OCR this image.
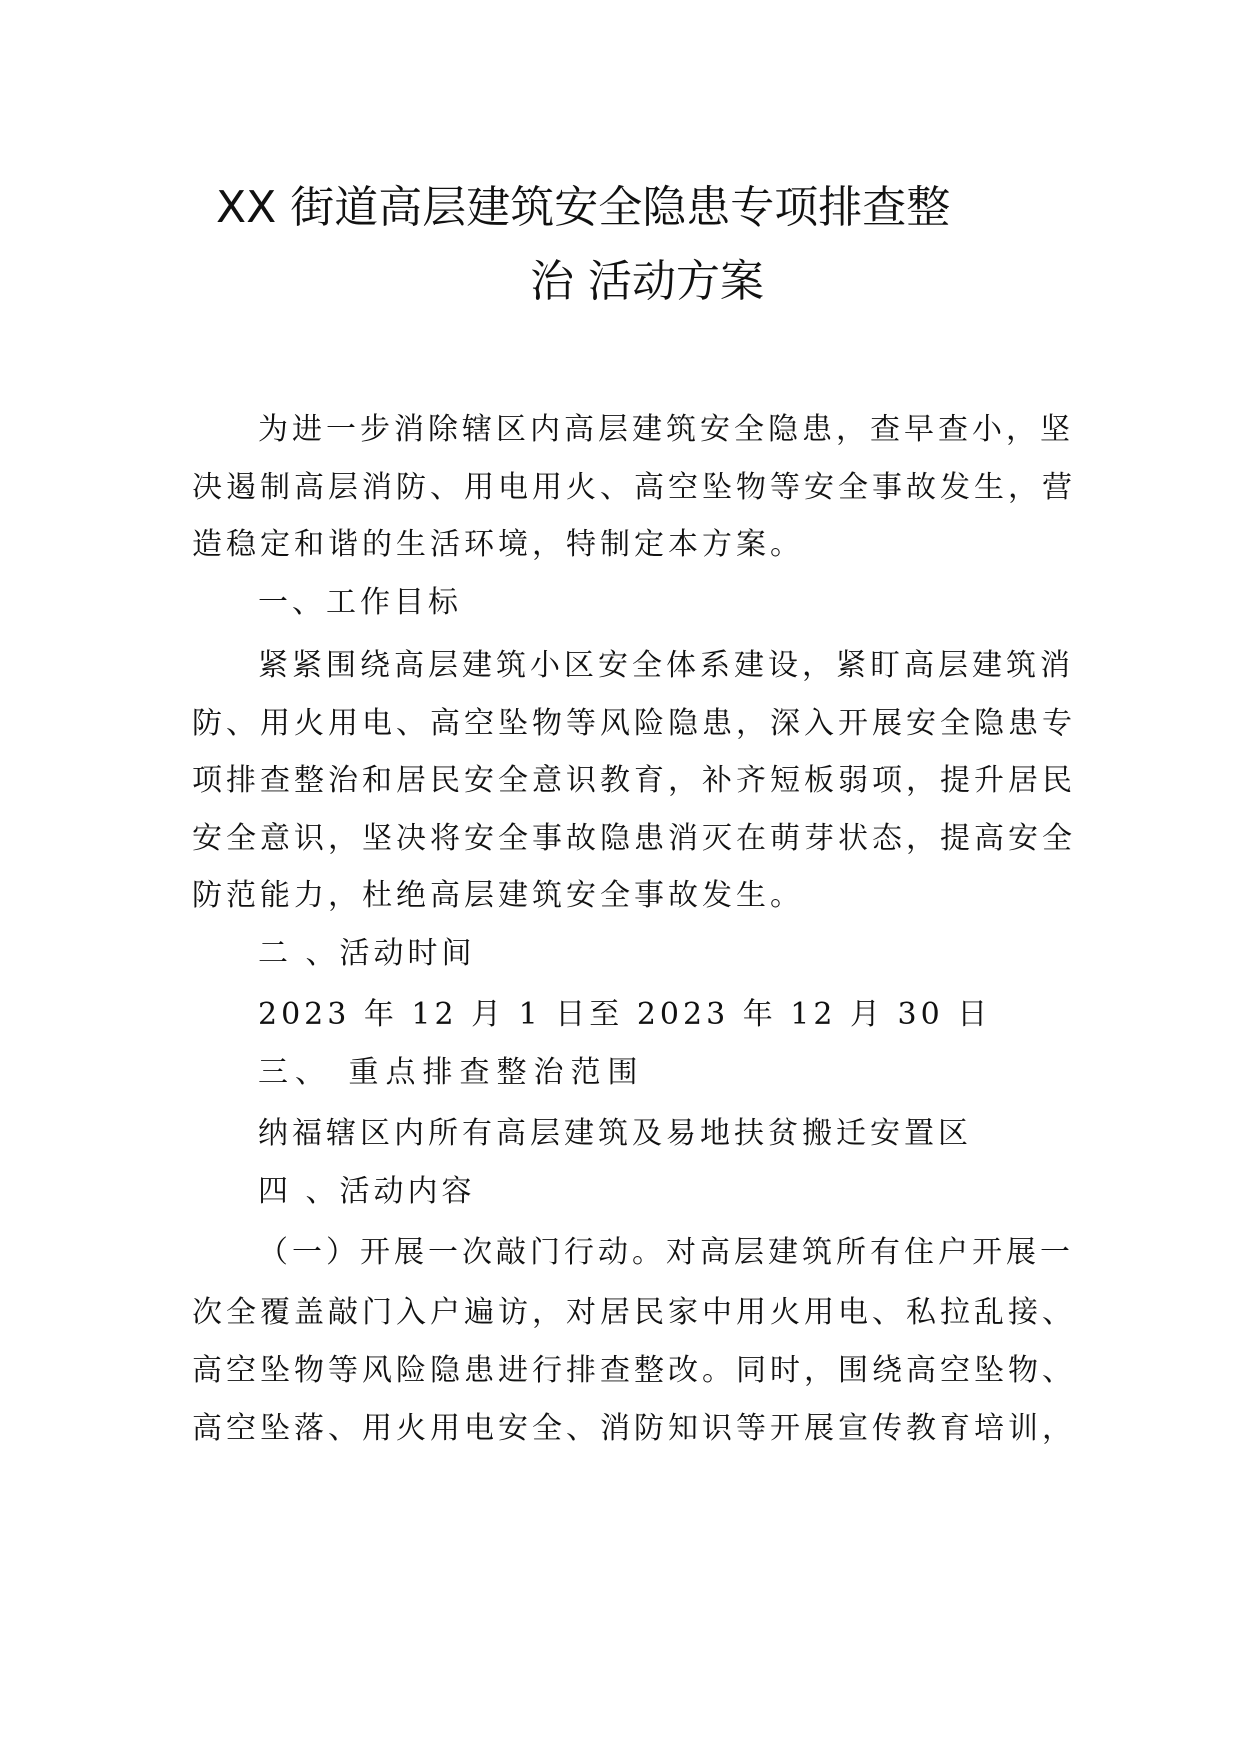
XX 街道高层建筑安全隐患专项排查整
治 活动方案
为进一步消除辖区内高层建筑安全隐患，查早查小，坚
决遏制高层消防、用电用火、高空坠物等安全事故发生，营
造稳定和谐的生活环境，特制定本方案。
一、工作目标
紧紧围绕高层建筑小区安全体系建设，紧盯高层建筑消
防、用火用电、高空坠物等风险隐患，深入开展安全隐患专
项排查整治和居民安全意识教育，补齐短板弱项，提升居民
安全意识，坚决将安全事故隐患消灭在萌芽状态，提高安全
防范能力，杜绝高层建筑安全事故发生。
二 、活动时间
2023 年 12 月 1 日至 2023 年 12 月 30 日
三、 重点排查整治范围
纳福辖区内所有高层建筑及易地扶贫搬迁安置区
四 、活动内容
（一）开展一次敲门行动。对高层建筑所有住户开展一
次全覆盖敲门入户遍访，对居民家中用火用电、私拉乱接、
高空坠物等风险隐患进行排查整改。同时，围绕高空坠物、
高空坠落、用火用电安全、消防知识等开展宣传教育培训，
